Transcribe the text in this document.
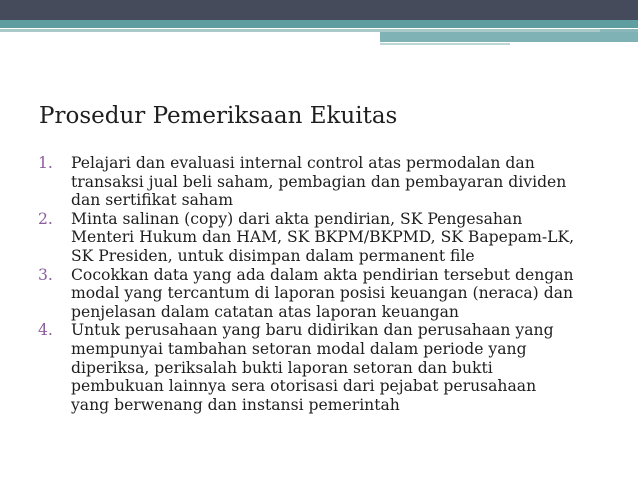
Prosedur Pemeriksaan Ekuitas
1.	Pelajari dan evaluasi internal control atas permodalan dan
transaksi jual beli saham, pembagian dan pembayaran dividen
dan sertifikat saham
2.	Minta salinan (copy) dari akta pendirian, SK Pengesahan
Menteri Hukum dan HAM, SK BKPM/BKPMD, SK Bapepam-LK,
SK Presiden, untuk disimpan dalam permanent file
3.	Cocokkan data yang ada dalam akta pendirian tersebut dengan
modal yang tercantum di laporan posisi keuangan (neraca) dan
penjelasan dalam catatan atas laporan keuangan
4.	Untuk perusahaan yang baru didirikan dan perusahaan yang
mempunyai tambahan setoran modal dalam periode yang
diperiksa, periksalah bukti laporan setoran dan bukti
pembukuan lainnya sera otorisasi dari pejabat perusahaan
yang berwenang dan instansi pemerintah
